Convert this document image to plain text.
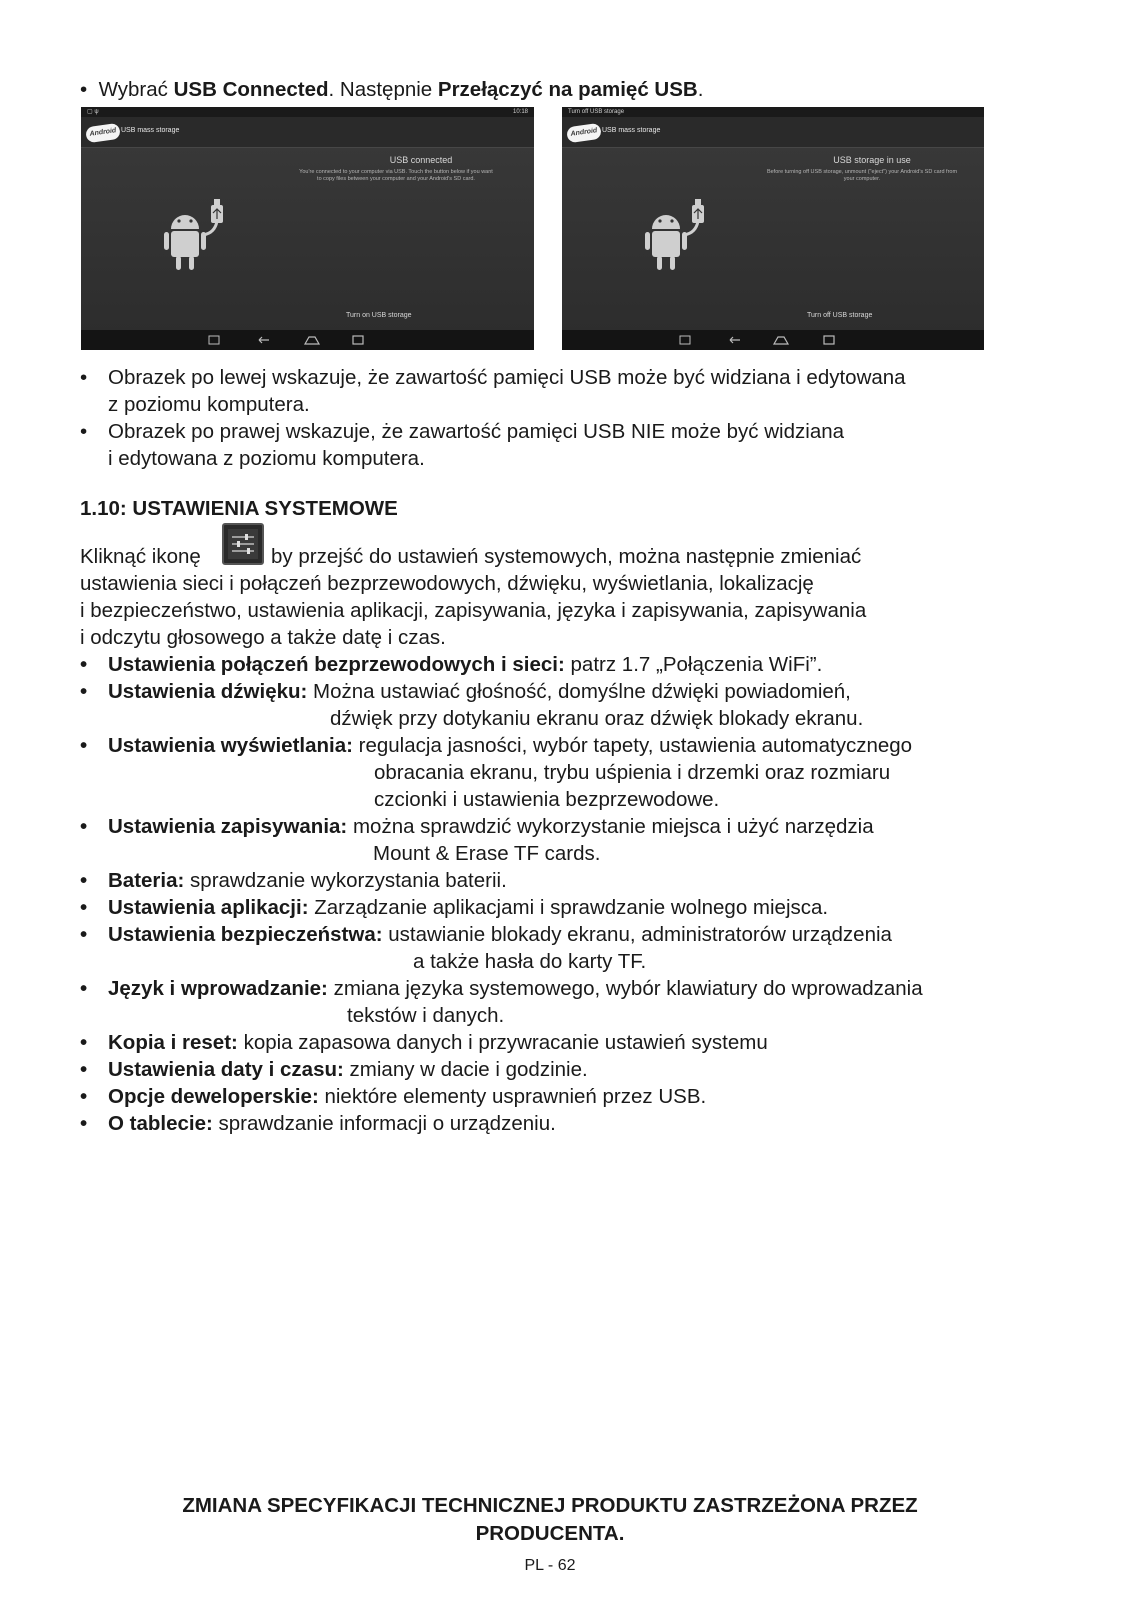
• Wybrać USB Connected. Następnie Przełączyć na pamięć USB.
▢ ψ	10:18
Android USB mass storage
USB connected
You're connected to your computer via USB. Touch the button below if you want
to copy files between your computer and your Android's SD card.
Turn on USB storage
Turn off USB storage
Android USB mass storage
USB storage in use
Before turning off USB storage, unmount ("eject") your Android's SD card from
your computer.
Turn off USB storage
• Obrazek po lewej wskazuje, że zawartość pamięci USB może być widziana i edytowana
z poziomu komputera.
• Obrazek po prawej wskazuje, że zawartość pamięci USB NIE może być widziana
i edytowana z poziomu komputera.
1.10: USTAWIENIA SYSTEMOWE
Kliknąć ikonę	by przejść do ustawień systemowych, można następnie zmieniać
ustawienia sieci i połączeń bezprzewodowych, dźwięku, wyświetlania, lokalizację
i bezpieczeństwo, ustawienia aplikacji, zapisywania, języka i zapisywania, zapisywania
i odczytu głosowego a także datę i czas.
• Ustawienia połączeń bezprzewodowych i sieci: patrz 1.7 „Połączenia WiFi”.
• Ustawienia dźwięku: Można ustawiać głośność, domyślne dźwięki powiadomień,
dźwięk przy dotykaniu ekranu oraz dźwięk blokady ekranu.
• Ustawienia wyświetlania: regulacja jasności, wybór tapety, ustawienia automatycznego
obracania ekranu, trybu uśpienia i drzemki oraz rozmiaru
czcionki i ustawienia bezprzewodowe.
• Ustawienia zapisywania: można sprawdzić wykorzystanie miejsca i użyć narzędzia
Mount & Erase TF cards.
• Bateria: sprawdzanie wykorzystania baterii.
• Ustawienia aplikacji: Zarządzanie aplikacjami i sprawdzanie wolnego miejsca.
• Ustawienia bezpieczeństwa: ustawianie blokady ekranu, administratorów urządzenia
a także hasła do karty TF.
• Język i wprowadzanie: zmiana języka systemowego, wybór klawiatury do wprowadzania
tekstów i danych.
• Kopia i reset: kopia zapasowa danych i przywracanie ustawień systemu
• Ustawienia daty i czasu: zmiany w dacie i godzinie.
• Opcje deweloperskie: niektóre elementy usprawnień przez USB.
• O tablecie: sprawdzanie informacji o urządzeniu.
ZMIANA SPECYFIKACJI TECHNICZNEJ PRODUKTU ZASTRZEŻONA PRZEZ
PRODUCENTA.
PL - 62
